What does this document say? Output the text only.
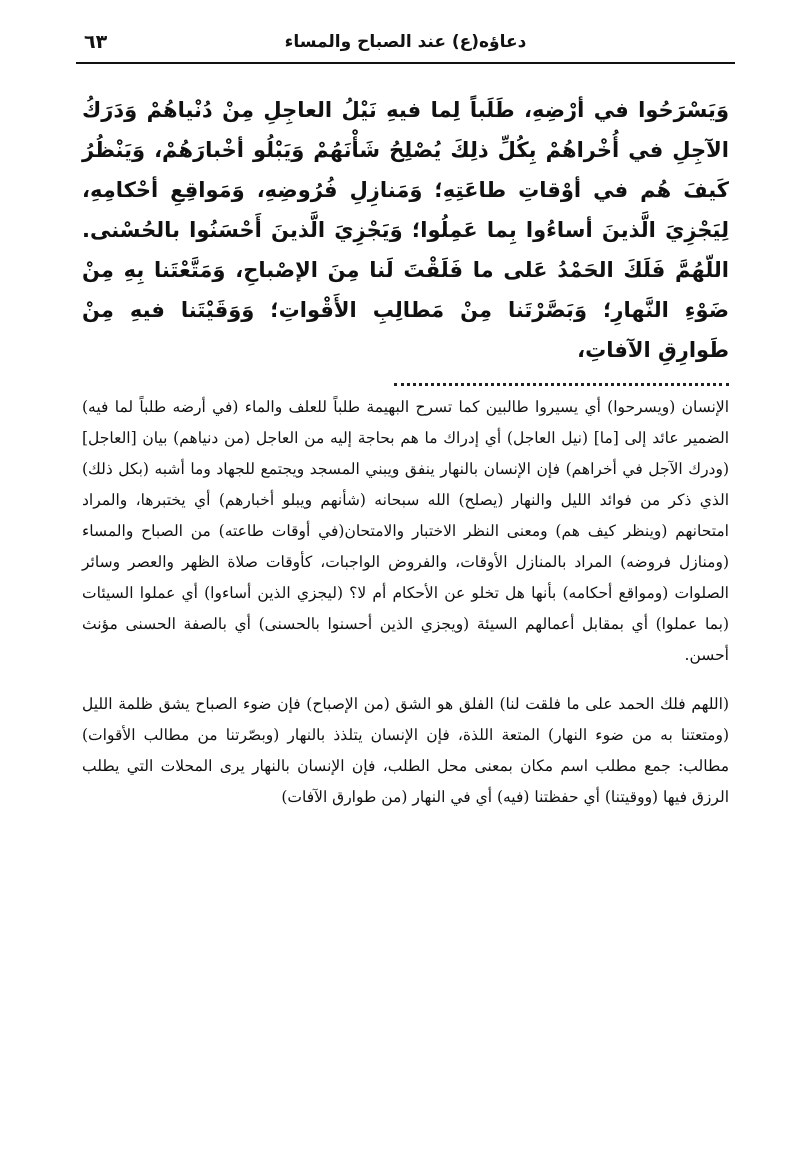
دعاؤه(ع) عند الصباح والمساء
٦٣
وَيَسْرَحُوا في أرْضِهِ، طَلَباً لِما فيهِ نَيْلُ العاجِلِ مِنْ دُنْياهُمْ وَدَرَكُ الآجِلِ في أُخْراهُمْ بِكُلِّ ذلِكَ يُصْلِحُ شَأْنَهُمْ وَيَبْلُو أخْبارَهُمْ، وَيَنْظُرُ كَيفَ هُم في أوْقاتِ طاعَتِهِ؛ وَمَنازِلِ فُرُوضِهِ، وَمَواقِعِ أحْكامِهِ، لِيَجْزِيَ الَّذينَ أساءُوا بِما عَمِلُوا؛ وَيَجْزِيَ الَّذينَ أَحْسَنُوا بالحُسْنى. اللّهُمَّ فَلَكَ الحَمْدُ عَلى ما فَلَقْتَ لَنا مِنَ الإصْباحِ، وَمَتَّعْتَنا بِهِ مِنْ ضَوْءِ النَّهارِ؛ وَبَصَّرْتَنا مِنْ مَطالِبِ الأَقْواتِ؛ وَوَقَيْتَنا فيهِ مِنْ طَوارِقِ الآفاتِ،

الإنسان (ويسرحوا) أي يسيروا طالبين كما تسرح البهيمة طلباً للعلف والماء (في أرضه طلباً لما فيه) الضمير عائد إلى [ما] (نيل العاجل) أي إدراك ما هم بحاجة إليه من العاجل (من دنياهم) بيان [العاجل] (ودرك الآجل في أخراهم) فإن الإنسان بالنهار ينفق ويبني المسجد ويجتمع للجهاد وما أشبه (بكل ذلك) الذي ذكر من فوائد الليل والنهار (يصلح) الله سبحانه (شأنهم ويبلو أخبارهم) أي يختبرها، والمراد امتحانهم (وينظر كيف هم) ومعنى النظر الاختبار والامتحان(في أوقات طاعته) من الصباح والمساء (ومنازل فروضه) المراد بالمنازل الأوقات، والفروض الواجبات، كأوقات صلاة الظهر والعصر وسائر الصلوات (ومواقع أحكامه) بأنها هل تخلو عن الأحكام أم لا؟ (ليجزي الذين أساءوا) أي عملوا السيئات (بما عملوا) أي بمقابل أعمالهم السيئة (ويجزي الذين أحسنوا بالحسنى) أي بالصفة الحسنى مؤنث أحسن.

(اللهم فلك الحمد على ما فلقت لنا) الفلق هو الشق (من الإصباح) فإن ضوء الصباح يشق ظلمة الليل (ومتعتنا به من ضوء النهار) المتعة اللذة، فإن الإنسان يتلذذ بالنهار (وبصّرتنا من مطالب الأقوات) مطالب: جمع مطلب اسم مكان بمعنى محل الطلب، فإن الإنسان بالنهار يرى المحلات التي يطلب الرزق فيها (ووقيتنا) أي حفظتنا (فيه) أي في النهار (من طوارق الآفات)
